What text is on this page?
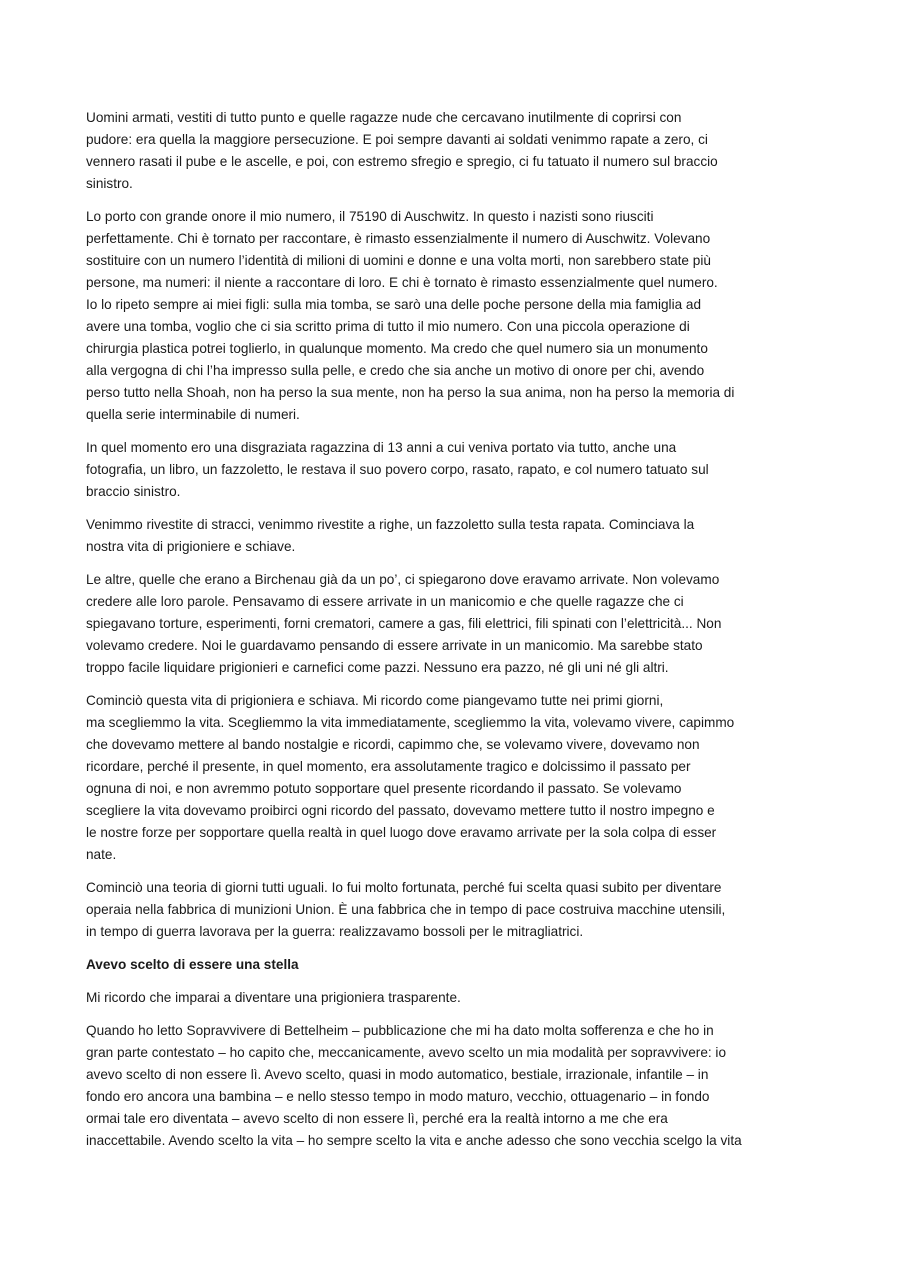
Uomini armati, vestiti di tutto punto e quelle ragazze nude che cercavano inutilmente di coprirsi con
pudore: era quella la maggiore persecuzione. E poi sempre davanti ai soldati venimmo rapate a zero, ci
vennero rasati il pube e le ascelle, e poi, con estremo sfregio e spregio, ci fu tatuato il numero sul braccio
sinistro.

Lo porto con grande onore il mio numero, il 75190 di Auschwitz. In questo i nazisti sono riusciti
perfettamente. Chi è tornato per raccontare, è rimasto essenzialmente il numero di Auschwitz. Volevano
sostituire con un numero l’identità di milioni di uomini e donne e una volta morti, non sarebbero state più
persone, ma numeri: il niente a raccontare di loro. E chi è tornato è rimasto essenzialmente quel numero.
Io lo ripeto sempre ai miei figli: sulla mia tomba, se sarò una delle poche persone della mia famiglia ad
avere una tomba, voglio che ci sia scritto prima di tutto il mio numero. Con una piccola operazione di
chirurgia plastica potrei toglierlo, in qualunque momento. Ma credo che quel numero sia un monumento
alla vergogna di chi l’ha impresso sulla pelle, e credo che sia anche un motivo di onore per chi, avendo
perso tutto nella Shoah, non ha perso la sua mente, non ha perso la sua anima, non ha perso la memoria di
quella serie interminabile di numeri.

In quel momento ero una disgraziata ragazzina di 13 anni a cui veniva portato via tutto, anche una
fotografia, un libro, un fazzoletto, le restava il suo povero corpo, rasato, rapato, e col numero tatuato sul
braccio sinistro.

Venimmo rivestite di stracci, venimmo rivestite a righe, un fazzoletto sulla testa rapata. Cominciava la
nostra vita di prigioniere e schiave.

Le altre, quelle che erano a Birchenau già da un po’, ci spiegarono dove eravamo arrivate. Non volevamo
credere alle loro parole. Pensavamo di essere arrivate in un manicomio e che quelle ragazze che ci
spiegavano torture, esperimenti, forni crematori, camere a gas, fili elettrici, fili spinati con l’elettricità... Non
volevamo credere. Noi le guardavamo pensando di essere arrivate in un manicomio. Ma sarebbe stato
troppo facile liquidare prigionieri e carnefici come pazzi. Nessuno era pazzo, né gli uni né gli altri.

Cominciò questa vita di prigioniera e schiava. Mi ricordo come piangevamo tutte nei primi giorni,
ma scegliemmo la vita. Scegliemmo la vita immediatamente, scegliemmo la vita, volevamo vivere, capimmo
che dovevamo mettere al bando nostalgie e ricordi, capimmo che, se volevamo vivere, dovevamo non
ricordare, perché il presente, in quel momento, era assolutamente tragico e dolcissimo il passato per
ognuna di noi, e non avremmo potuto sopportare quel presente ricordando il passato. Se volevamo
scegliere la vita dovevamo proibirci ogni ricordo del passato, dovevamo mettere tutto il nostro impegno e
le nostre forze per sopportare quella realtà in quel luogo dove eravamo arrivate per la sola colpa di esser
nate.

Cominciò una teoria di giorni tutti uguali. Io fui molto fortunata, perché fui scelta quasi subito per diventare
operaia nella fabbrica di munizioni Union. È una fabbrica che in tempo di pace costruiva macchine utensili,
in tempo di guerra lavorava per la guerra: realizzavamo bossoli per le mitragliatrici.

Avevo scelto di essere una stella

Mi ricordo che imparai a diventare una prigioniera trasparente.

Quando ho letto Sopravvivere di Bettelheim – pubblicazione che mi ha dato molta sofferenza e che ho in
gran parte contestato – ho capito che, meccanicamente, avevo scelto un mia modalità per sopravvivere: io
avevo scelto di non essere lì. Avevo scelto, quasi in modo automatico, bestiale, irrazionale, infantile – in
fondo ero ancora una bambina – e nello stesso tempo in modo maturo, vecchio, ottuagenario – in fondo
ormai tale ero diventata – avevo scelto di non essere lì, perché era la realtà intorno a me che era
inaccettabile. Avendo scelto la vita – ho sempre scelto la vita e anche adesso che sono vecchia scelgo la vita
